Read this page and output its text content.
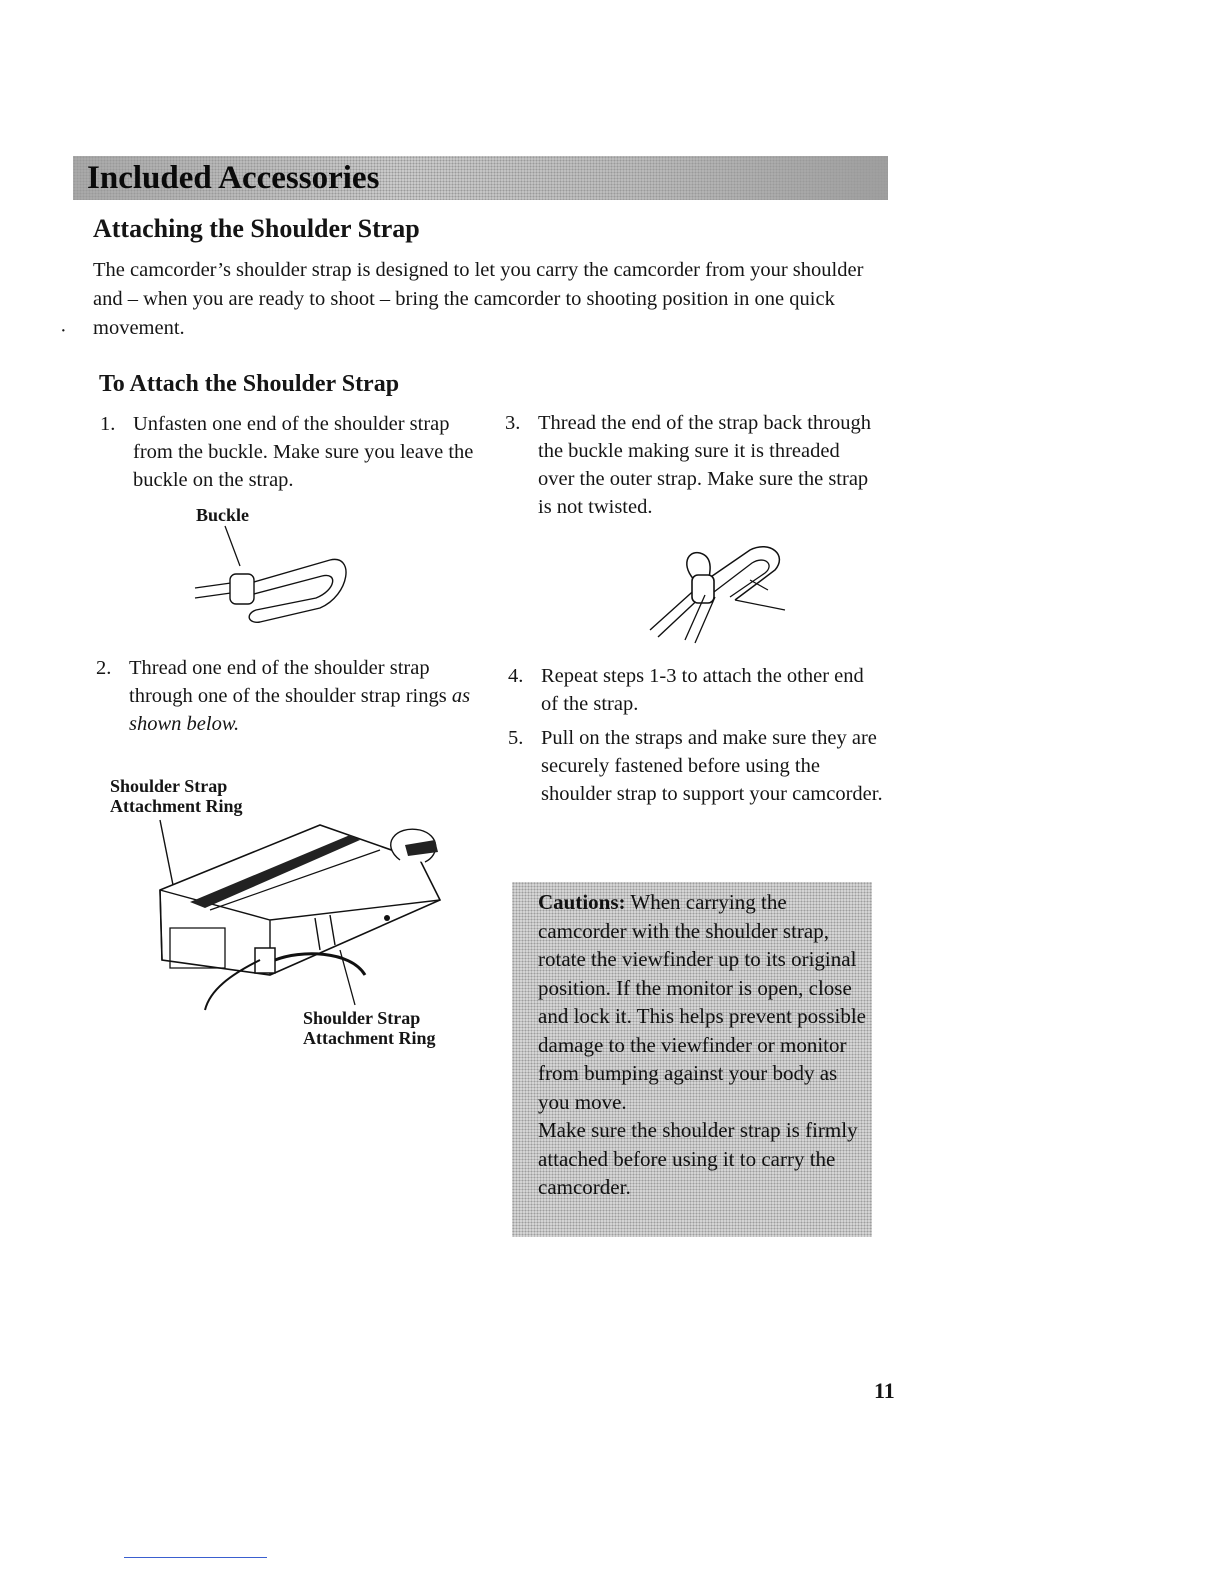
Included Accessories
Attaching the Shoulder Strap
The camcorder’s shoulder strap is designed to let you carry the camcorder from your shoulder and – when you are ready to shoot – bring the camcorder to shooting position in one quick movement.
·
To Attach the Shoulder Strap
1. Unfasten one end of the shoulder strap from the buckle. Make sure you leave the buckle on the strap.
Buckle
2. Thread one end of the shoulder strap through one of the shoulder strap rings as shown below.
Shoulder Strap
Attachment Ring
Shoulder Strap
Attachment Ring
3. Thread the end of the strap back through the buckle making sure it is threaded over the outer strap. Make sure the strap is not twisted.
4. Repeat steps 1-3 to attach the other end of the strap.
5. Pull on the straps and make sure they are securely fastened before using the shoulder strap to support your camcorder.
Cautions: When carrying the camcorder with the shoulder strap, rotate the viewfinder up to its original position. If the monitor is open, close and lock it. This helps prevent possible damage to the viewfinder or monitor from bumping against your body as you move.
Make sure the shoulder strap is firmly attached before using it to carry the camcorder.
11
